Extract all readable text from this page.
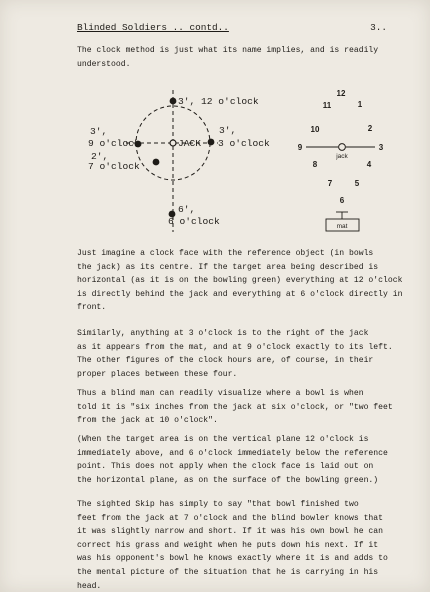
Blinded Soldiers .. contd..	3..

The clock method is just what its name implies, and is readily
understood.

3', 12 o'clock
3',
3 o'clock
3',
9 o'clock
2',
7 o'clock
JACK
6',
6 o'clock
12
1
2
3
4
5
6
7
8
9
10
11
jack
mat

Just imagine a clock face with the reference object (in bowls
the jack) as its centre. If the target area being described is
horizontal (as it is on the bowling green) everything at 12 o'clock
is directly behind the jack and everything at 6 o'clock directly in
front.

Similarly, anything at 3 o'clock is to the right of the jack
as it appears from the mat, and at 9 o'clock exactly to its left.
The other figures of the clock hours are, of course, in their
proper places between these four.

Thus a blind man can readily visualize where a bowl is when
told it is "six inches from the jack at six o'clock, or "two feet
from the jack at 10 o'clock".

(When the target area is on the vertical plane 12 o'clock is
immediately above, and 6 o'clock immediately below the reference
point. This does not apply when the clock face is laid out on
the horizontal plane, as on the surface of the bowling green.)

The sighted Skip has simply to say "that bowl finished two
feet from the jack at 7 o'clock and the blind bowler knows that
it was slightly narrow and short. If it was his own bowl he can
correct his grass and weight when he puts down his next. If it
was his opponent's bowl he knows exactly where it is and adds to
the mental picture of the situation that he is carrying in his
head.
